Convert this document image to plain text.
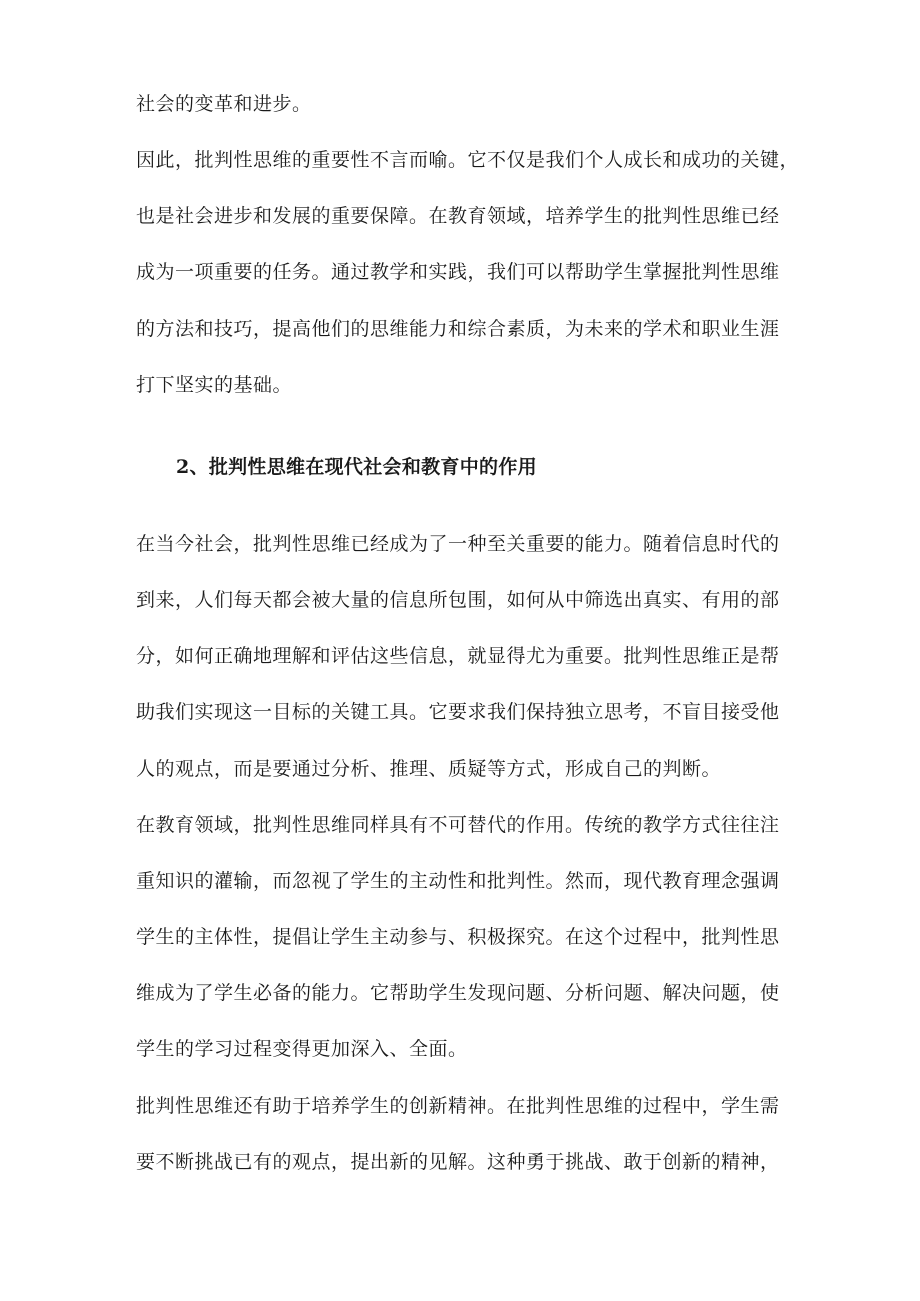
社会的变革和进步。
因此，批判性思维的重要性不言而喻。它不仅是我们个人成长和成功的关键，
也是社会进步和发展的重要保障。在教育领域，培养学生的批判性思维已经
成为一项重要的任务。通过教学和实践，我们可以帮助学生掌握批判性思维
的方法和技巧，提高他们的思维能力和综合素质，为未来的学术和职业生涯
打下坚实的基础。
2、批判性思维在现代社会和教育中的作用
在当今社会，批判性思维已经成为了一种至关重要的能力。随着信息时代的
到来，人们每天都会被大量的信息所包围，如何从中筛选出真实、有用的部
分，如何正确地理解和评估这些信息，就显得尤为重要。批判性思维正是帮
助我们实现这一目标的关键工具。它要求我们保持独立思考，不盲目接受他
人的观点，而是要通过分析、推理、质疑等方式，形成自己的判断。
在教育领域，批判性思维同样具有不可替代的作用。传统的教学方式往往注
重知识的灌输，而忽视了学生的主动性和批判性。然而，现代教育理念强调
学生的主体性，提倡让学生主动参与、积极探究。在这个过程中，批判性思
维成为了学生必备的能力。它帮助学生发现问题、分析问题、解决问题，使
学生的学习过程变得更加深入、全面。
批判性思维还有助于培养学生的创新精神。在批判性思维的过程中，学生需
要不断挑战已有的观点，提出新的见解。这种勇于挑战、敢于创新的精神，
